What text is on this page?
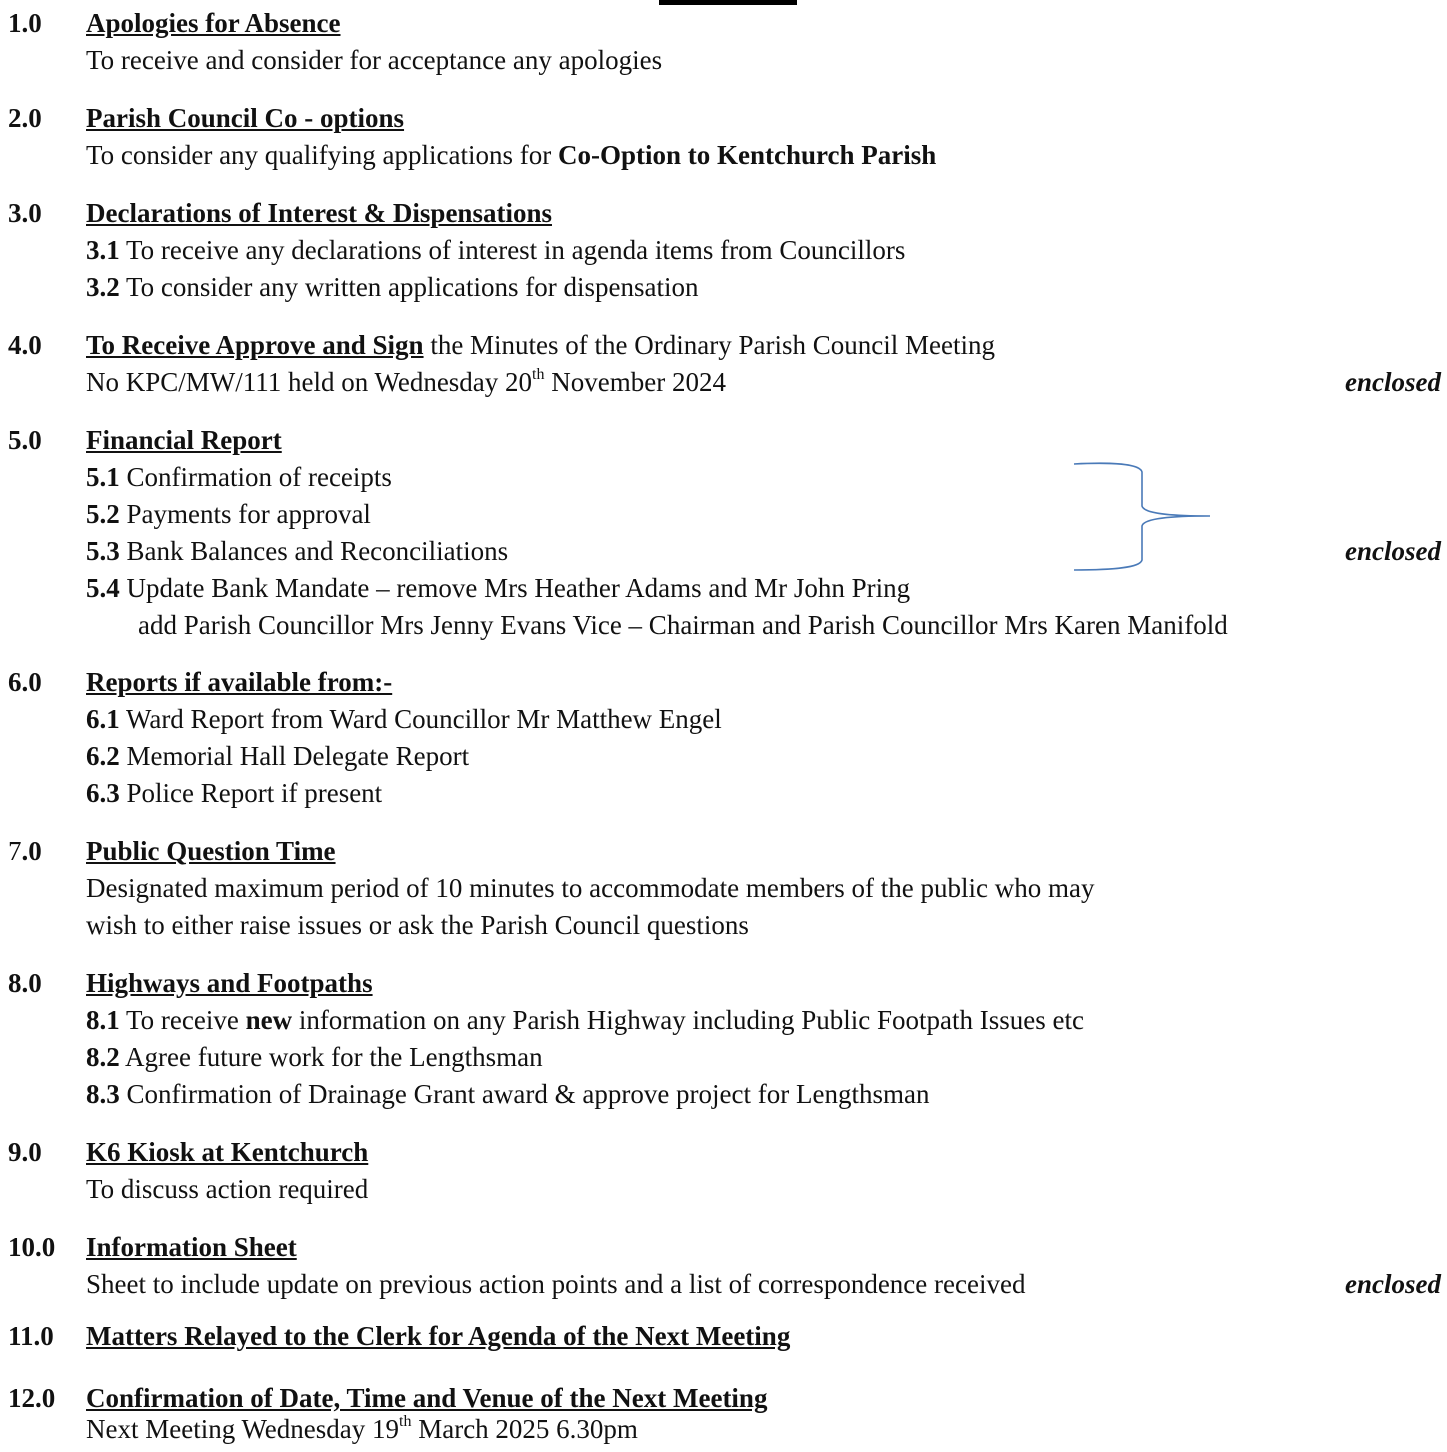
1.0	Apologies for Absence
To receive and consider for acceptance any apologies
2.0	Parish Council Co - options
To consider any qualifying applications for Co-Option to Kentchurch Parish
3.0	Declarations of Interest & Dispensations
3.1 To receive any declarations of interest in agenda items from Councillors
3.2 To consider any written applications for dispensation
4.0	To Receive Approve and Sign the Minutes of the Ordinary Parish Council Meeting
No KPC/MW/111 held on Wednesday 20th November 2024	enclosed
5.0	Financial Report
5.1 Confirmation of receipts
5.2 Payments for approval
5.3 Bank Balances and Reconciliations	enclosed
5.4 Update Bank Mandate – remove Mrs Heather Adams and Mr John Pring
add Parish Councillor Mrs Jenny Evans Vice – Chairman and Parish Councillor Mrs Karen Manifold
6.0	Reports if available from:-
6.1 Ward Report from Ward Councillor Mr Matthew Engel
6.2 Memorial Hall Delegate Report
6.3 Police Report if present
7.0	Public Question Time
Designated maximum period of 10 minutes to accommodate members of the public who may
wish to either raise issues or ask the Parish Council questions
8.0	Highways and Footpaths
8.1 To receive new information on any Parish Highway including Public Footpath Issues etc
8.2 Agree future work for the Lengthsman
8.3 Confirmation of Drainage Grant award & approve project for Lengthsman
9.0	K6 Kiosk at Kentchurch
To discuss action required
10.0	Information Sheet
Sheet to include update on previous action points and a list of correspondence received	enclosed
11.0	Matters Relayed to the Clerk for Agenda of the Next Meeting
12.0	Confirmation of Date, Time and Venue of the Next Meeting
Next Meeting Wednesday 19th March 2025 6.30pm
